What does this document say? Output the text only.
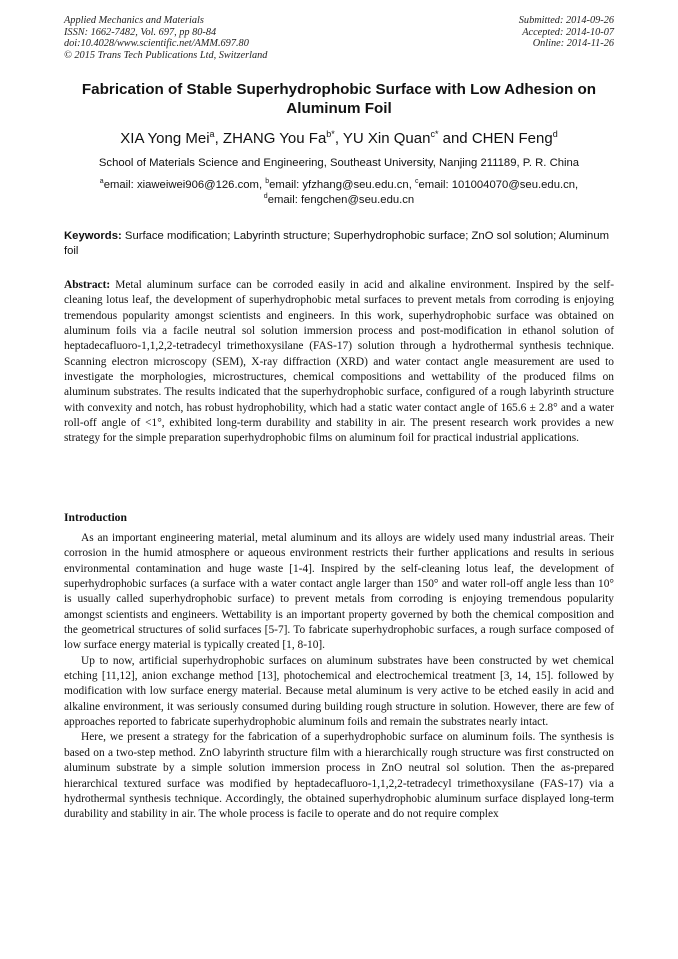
Applied Mechanics and Materials
ISSN: 1662-7482, Vol. 697, pp 80-84
doi:10.4028/www.scientific.net/AMM.697.80
© 2015 Trans Tech Publications Ltd, Switzerland
Submitted: 2014-09-26
Accepted: 2014-10-07
Online: 2014-11-26
Fabrication of Stable Superhydrophobic Surface with Low Adhesion on Aluminum Foil
XIA Yong Mei$^a$, ZHANG You $Fa^{b*}$, YU Xin Quan$^{c*}$ and CHEN Feng$^d$
School of Materials Science and Engineering, Southeast University, Nanjing 211189, P. R. China
$^a$email: xiaweiwei906@126.com, $^b$email: yfzhang@seu.edu.cn, $^c$email: 101004070@seu.edu.cn,
$^d$email: fengchen@seu.edu.cn
Keywords: Surface modification; Labyrinth structure; Superhydrophobic surface; ZnO sol solution; Aluminum foil
Abstract: Metal aluminum surface can be corroded easily in acid and alkaline environment. Inspired by the self-cleaning lotus leaf, the development of superhydrophobic metal surfaces to prevent metals from corroding is enjoying tremendous popularity amongst scientists and engineers. In this work, superhydrophobic surface was obtained on aluminum foils via a facile neutral sol solution immersion process and post-modification in ethanol solution of heptadecafluoro-1,1,2,2-tetradecyl trimethoxysilane (FAS-17) solution through a hydrothermal synthesis technique. Scanning electron microscopy (SEM), X-ray diffraction (XRD) and water contact angle measurement are used to investigate the morphologies, microstructures, chemical compositions and wettability of the produced films on aluminum substrates. The results indicated that the superhydrophobic surface, configured of a rough labyrinth structure with convexity and notch, has robust hydrophobility, which had a static water contact angle of 165.6 ± 2.8° and a water roll-off angle of <1°, exhibited long-term durability and stability in air. The present research work provides a new strategy for the simple preparation superhydrophobic films on aluminum foil for practical industrial applications.
Introduction

As an important engineering material, metal aluminum and its alloys are widely used many industrial areas. Their corrosion in the humid atmosphere or aqueous environment restricts their further applications and results in serious environmental contamination and huge waste [1-4]. Inspired by the self-cleaning lotus leaf, the development of superhydrophobic surfaces (a surface with a water contact angle larger than 150° and water roll-off angle less than 10° is usually called superhydrophobic surface) to prevent metals from corroding is enjoying tremendous popularity amongst scientists and engineers. Wettability is an important property governed by both the chemical composition and the geometrical structures of solid surfaces [5-7]. To fabricate superhydrophobic surfaces, a rough surface composed of low surface energy material is typically created [1, 8-10].

Up to now, artificial superhydrophobic surfaces on aluminum substrates have been constructed by wet chemical etching [11,12], anion exchange method [13], photochemical and electrochemical treatment [3, 14, 15]. followed by modification with low surface energy material. Because metal aluminum is very active to be etched easily in acid and alkaline environment, it was seriously consumed during building rough structure in solution. However, there are few of approaches reported to fabricate superhydrophobic aluminum foils and remain the substrates nearly intact.

Here, we present a strategy for the fabrication of a superhydrophobic surface on aluminum foils. The synthesis is based on a two-step method. ZnO labyrinth structure film with a hierarchically rough structure was first constructed on aluminum substrate by a simple solution immersion process in ZnO neutral sol solution. Then the as-prepared hierarchical textured surface was modified by heptadecafluoro-1,1,2,2-tetradecyl trimethoxysilane (FAS-17) via a hydrothermal synthesis technique. Accordingly, the obtained superhydrophobic aluminum surface displayed long-term durability and stability in air. The whole process is facile to operate and do not require complex
